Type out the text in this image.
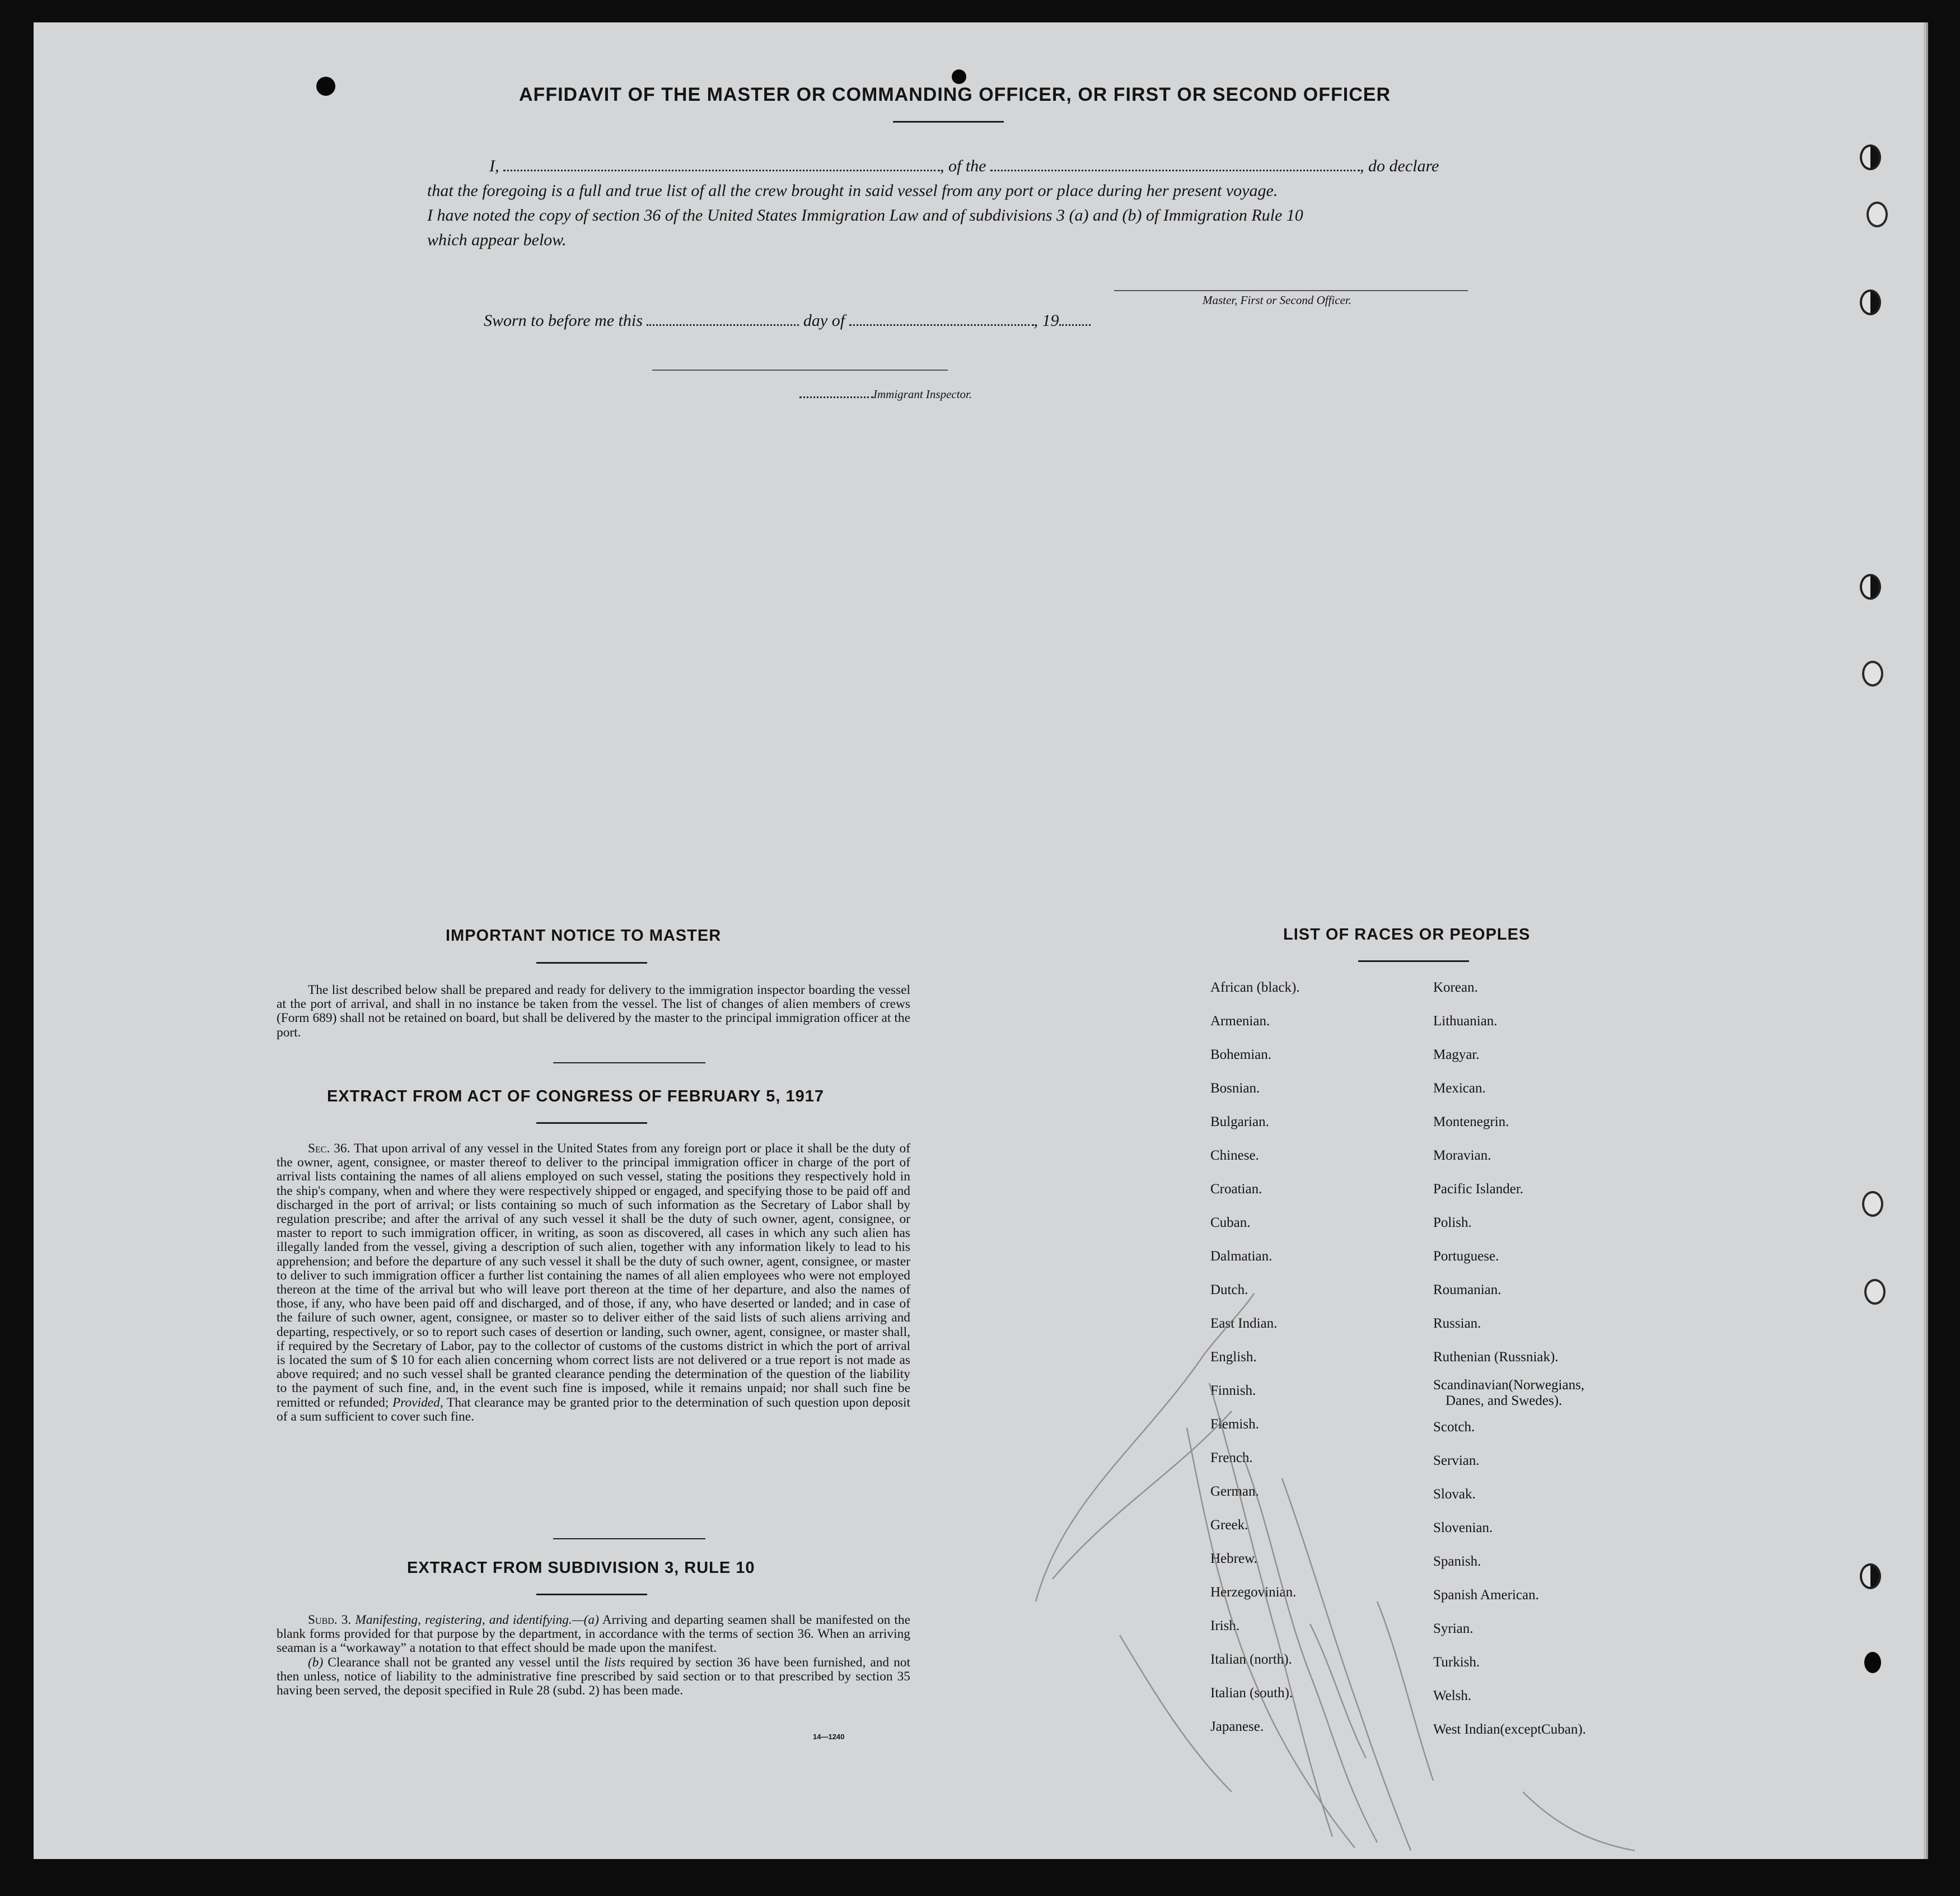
AFFIDAVIT OF THE MASTER OR COMMANDING OFFICER, OR FIRST OR SECOND OFFICER
I,	, of the	, do declare
that the foregoing is a full and true list of all the crew brought in said vessel from any port or place during her present voyage.
I have noted the copy of section 36 of the United States Immigration Law and of subdivisions 3 (a) and (b) of Immigration Rule 10
which appear below.
Master, First or Second Officer.
Sworn to before me this	day of	, 19
Immigrant Inspector.
IMPORTANT NOTICE TO MASTER

The list described below shall be prepared and ready for delivery to the immigration inspector boarding the vessel at the port of arrival, and shall in no instance be taken from the vessel. The list of changes of alien members of crews (Form 689) shall not be retained on board, but shall be delivered by the master to the principal immigration officer at the port.

EXTRACT FROM ACT OF CONGRESS OF FEBRUARY 5, 1917

Sec. 36. That upon arrival of any vessel in the United States from any foreign port or place it shall be the duty of the owner, agent, consignee, or master thereof to deliver to the principal immigration officer in charge of the port of arrival lists containing the names of all aliens employed on such vessel, stating the positions they respectively hold in the ship's company, when and where they were respectively shipped or engaged, and specifying those to be paid off and discharged in the port of arrival; or lists containing so much of such information as the Secretary of Labor shall by regulation prescribe; and after the arrival of any such vessel it shall be the duty of such owner, agent, consignee, or master to report to such immigration officer, in writing, as soon as discovered, all cases in which any such alien has illegally landed from the vessel, giving a description of such alien, together with any information likely to lead to his apprehension; and before the departure of any such vessel it shall be the duty of such owner, agent, consignee, or master to deliver to such immigration officer a further list containing the names of all alien employees who were not employed thereon at the time of the arrival but who will leave port thereon at the time of her departure, and also the names of those, if any, who have been paid off and discharged, and of those, if any, who have deserted or landed; and in case of the failure of such owner, agent, consignee, or master so to deliver either of the said lists of such aliens arriving and departing, respectively, or so to report such cases of desertion or landing, such owner, agent, consignee, or master shall, if required by the Secretary of Labor, pay to the collector of customs of the customs district in which the port of arrival is located the sum of $ 10 for each alien concerning whom correct lists are not delivered or a true report is not made as above required; and no such vessel shall be granted clearance pending the determination of the question of the liability to the payment of such fine, and, in the event such fine is imposed, while it remains unpaid; nor shall such fine be remitted or refunded; Provided, That clearance may be granted prior to the determination of such question upon deposit of a sum sufficient to cover such fine.

EXTRACT FROM SUBDIVISION 3, RULE 10

Subd. 3. Manifesting, registering, and identifying.—(a) Arriving and departing seamen shall be manifested on the blank forms provided for that purpose by the department, in accordance with the terms of section 36. When an arriving seaman is a “workaway” a notation to that effect should be made upon the manifest.

(b) Clearance shall not be granted any vessel until the lists required by section 36 have been furnished, and not then unless, notice of liability to the administrative fine prescribed by said section or to that prescribed by section 35 having been served, the deposit specified in Rule 28 (subd. 2) has been made.

14—1240
LIST OF RACES OR PEOPLES
African (black).
Armenian.
Bohemian.
Bosnian.
Bulgarian.
Chinese.
Croatian.
Cuban.
Dalmatian.
Dutch.
East Indian.
English.
Finnish.
Flemish.
French.
German.
Greek.
Hebrew.
Herzegovinian.
Irish.
Italian (north).
Italian (south).
Japanese.
Korean.
Lithuanian.
Magyar.
Mexican.
Montenegrin.
Moravian.
Pacific Islander.
Polish.
Portuguese.
Roumanian.
Russian.
Ruthenian (Russniak).
Scandinavian(Norwegians,
Danes, and Swedes).
Scotch.
Servian.
Slovak.
Slovenian.
Spanish.
Spanish American.
Syrian.
Turkish.
Welsh.
West Indian(exceptCuban).
